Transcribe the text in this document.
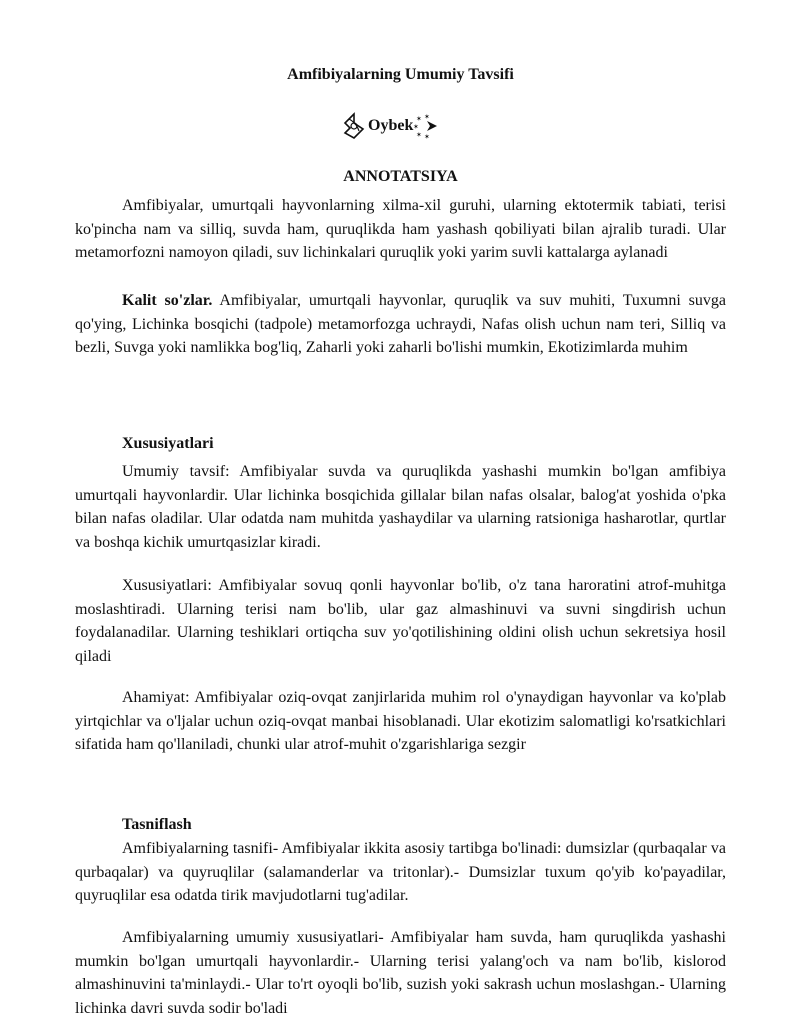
Amfibiyalarning Umumiy Tavsifi
Oybek ✶ ✶
✶ ✶
✶
ANNOTATSIYA

Amfibiyalar, umurtqali hayvonlarning xilma-xil guruhi, ularning ektotermik tabiati, terisi ko'pincha nam va silliq, suvda ham, quruqlikda ham yashash qobiliyati bilan ajralib turadi. Ular metamorfozni namoyon qiladi, suv lichinkalari quruqlik yoki yarim suvli kattalarga aylanadi

Kalit so'zlar. Amfibiyalar, umurtqali hayvonlar, quruqlik va suv muhiti, Tuxumni suvga qo'ying, Lichinka bosqichi (tadpole) metamorfozga uchraydi, Nafas olish uchun nam teri, Silliq va bezli, Suvga yoki namlikka bog'liq, Zaharli yoki zaharli bo'lishi mumkin, Ekotizimlarda muhim

Xususiyatlari

Umumiy tavsif: Amfibiyalar suvda va quruqlikda yashashi mumkin bo'lgan amfibiya umurtqali hayvonlardir. Ular lichinka bosqichida gillalar bilan nafas olsalar, balog'at yoshida o'pka bilan nafas oladilar. Ular odatda nam muhitda yashaydilar va ularning ratsioniga hasharotlar, qurtlar va boshqa kichik umurtqasizlar kiradi.

Xususiyatlari: Amfibiyalar sovuq qonli hayvonlar bo'lib, o'z tana haroratini atrof-muhitga moslashtiradi. Ularning terisi nam bo'lib, ular gaz almashinuvi va suvni singdirish uchun foydalanadilar. Ularning teshiklari ortiqcha suv yo'qotilishining oldini olish uchun sekretsiya hosil qiladi

Ahamiyat: Amfibiyalar oziq-ovqat zanjirlarida muhim rol o'ynaydigan hayvonlar va ko'plab yirtqichlar va o'ljalar uchun oziq-ovqat manbai hisoblanadi. Ular ekotizim salomatligi ko'rsatkichlari sifatida ham qo'llaniladi, chunki ular atrof-muhit o'zgarishlariga sezgir

Tasniflash

Amfibiyalarning tasnifi- Amfibiyalar ikkita asosiy tartibga bo'linadi: dumsizlar (qurbaqalar va qurbaqalar) va quyruqlilar (salamanderlar va tritonlar).- Dumsizlar tuxum qo'yib ko'payadilar, quyruqlilar esa odatda tirik mavjudotlarni tug'adilar.

Amfibiyalarning umumiy xususiyatlari- Amfibiyalar ham suvda, ham quruqlikda yashashi mumkin bo'lgan umurtqali hayvonlardir.- Ularning terisi yalang'och va nam bo'lib, kislorod almashinuvini ta'minlaydi.- Ular to'rt oyoqli bo'lib, suzish yoki sakrash uchun moslashgan.- Ularning lichinka davri suvda sodir bo'ladi
